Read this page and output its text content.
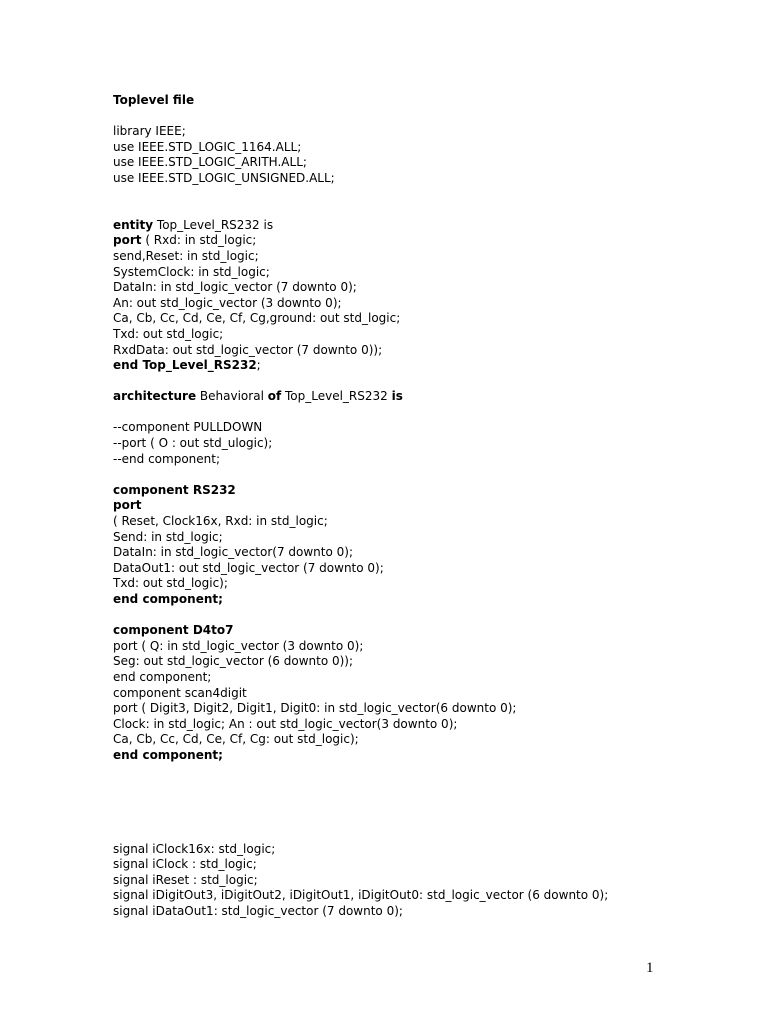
Toplevel file
library IEEE;
use IEEE.STD_LOGIC_1164.ALL;
use IEEE.STD_LOGIC_ARITH.ALL;
use IEEE.STD_LOGIC_UNSIGNED.ALL;
entity Top_Level_RS232 is
port ( Rxd: in std_logic;
send,Reset: in std_logic;
SystemClock: in std_logic;
DataIn: in std_logic_vector (7 downto 0);
An: out std_logic_vector (3 downto 0);
Ca, Cb, Cc, Cd, Ce, Cf, Cg,ground: out std_logic;
Txd: out std_logic;
RxdData: out std_logic_vector (7 downto 0));
end Top_Level_RS232;
architecture Behavioral of Top_Level_RS232 is
--component PULLDOWN
--port ( O : out std_ulogic);
--end component;
component RS232
port
( Reset, Clock16x, Rxd: in std_logic;
Send: in std_logic;
DataIn: in std_logic_vector(7 downto 0);
DataOut1: out std_logic_vector (7 downto 0);
Txd: out std_logic);
end component;
component D4to7
port ( Q: in std_logic_vector (3 downto 0);
Seg: out std_logic_vector (6 downto 0));
end component;
component scan4digit
port ( Digit3, Digit2, Digit1, Digit0: in std_logic_vector(6 downto 0);
Clock: in std_logic; An : out std_logic_vector(3 downto 0);
Ca, Cb, Cc, Cd, Ce, Cf, Cg: out std_logic);
end component;
signal iClock16x: std_logic;
signal iClock : std_logic;
signal iReset : std_logic;
signal iDigitOut3, iDigitOut2, iDigitOut1, iDigitOut0: std_logic_vector (6 downto 0);
signal iDataOut1: std_logic_vector (7 downto 0);
1
